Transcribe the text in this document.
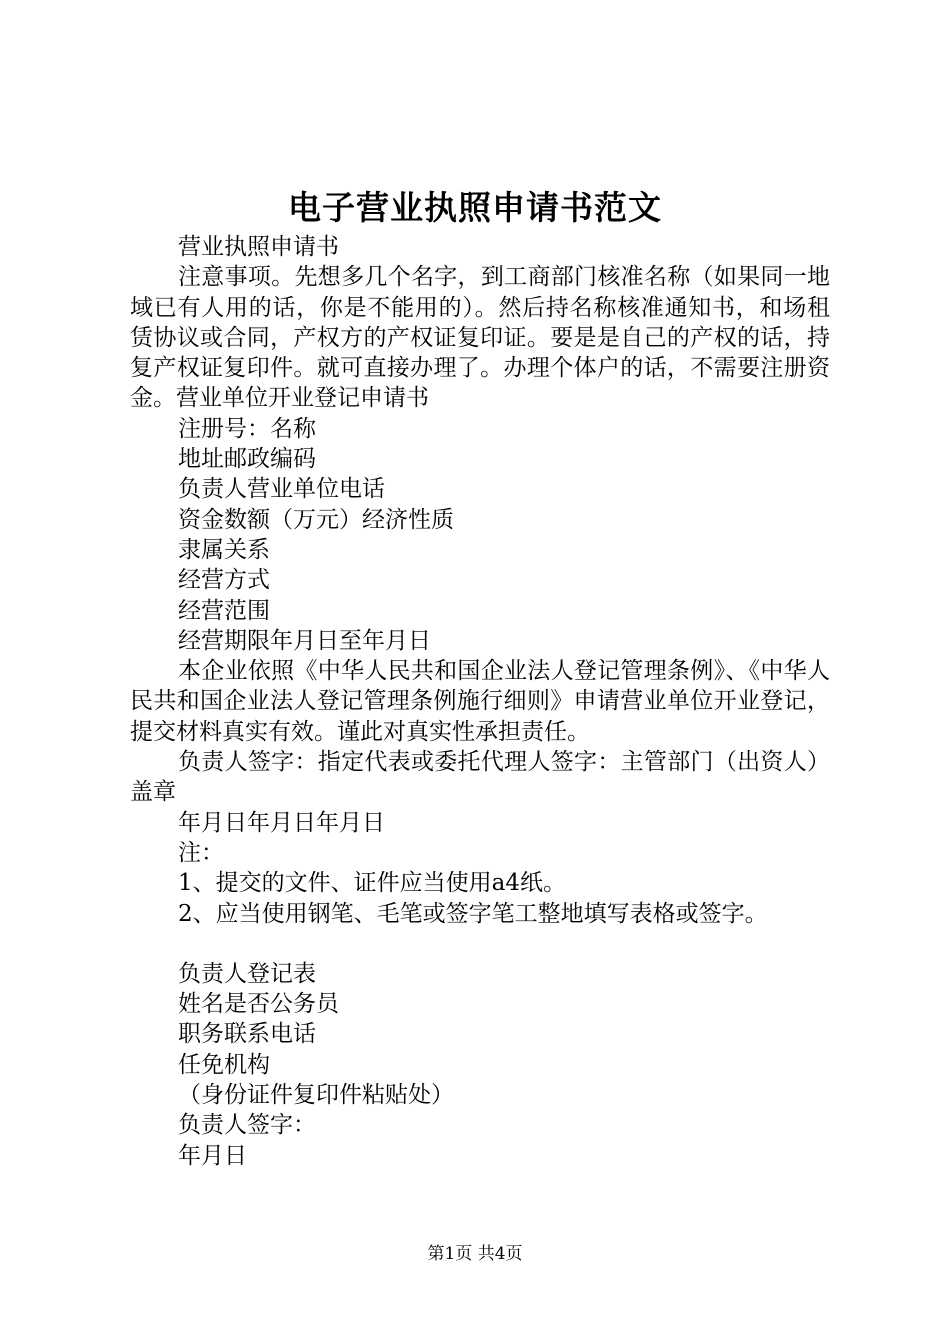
电子营业执照申请书范文

营业执照申请书

注意事项。先想多几个名字，到工商部门核准名称（如果同一地域已有人用的话，你是不能用的）。然后持名称核准通知书，和场租赁协议或合同，产权方的产权证复印证。要是是自己的产权的话，持复产权证复印件。就可直接办理了。办理个体户的话，不需要注册资金。营业单位开业登记申请书

注册号：名称

地址邮政编码

负责人营业单位电话

资金数额（万元）经济性质

隶属关系

经营方式

经营范围

经营期限年月日至年月日

本企业依照《中华人民共和国企业法人登记管理条例》、《中华人民共和国企业法人登记管理条例施行细则》申请营业单位开业登记，提交材料真实有效。谨此对真实性承担责任。

负责人签字：指定代表或委托代理人签字：主管部门（出资人）盖章

年月日年月日年月日

注：

1、提交的文件、证件应当使用a4纸。

2、应当使用钢笔、毛笔或签字笔工整地填写表格或签字。

负责人登记表

姓名是否公务员

职务联系电话

任免机构

（身份证件复印件粘贴处）

负责人签字：

年月日

第1页 共4页
